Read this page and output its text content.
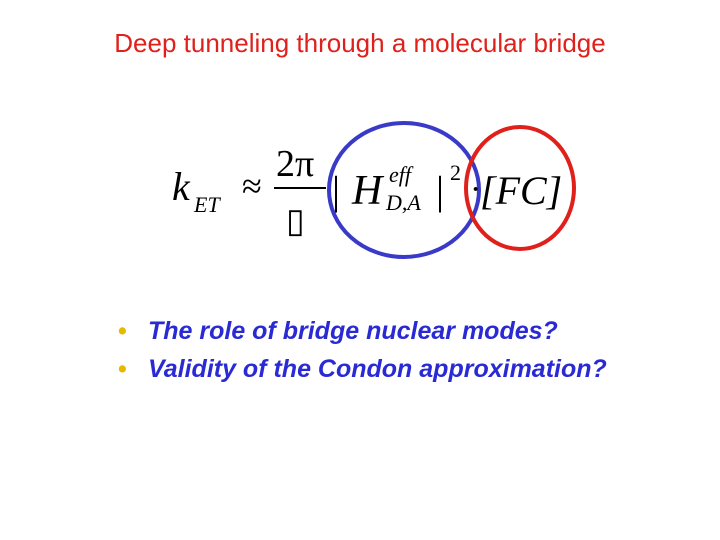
Deep tunneling through a molecular bridge
k ET ≈
2π
▯
| H eff
D,A | 2 ·
[FC]
• The role of bridge nuclear modes?
• Validity of the Condon approximation?
